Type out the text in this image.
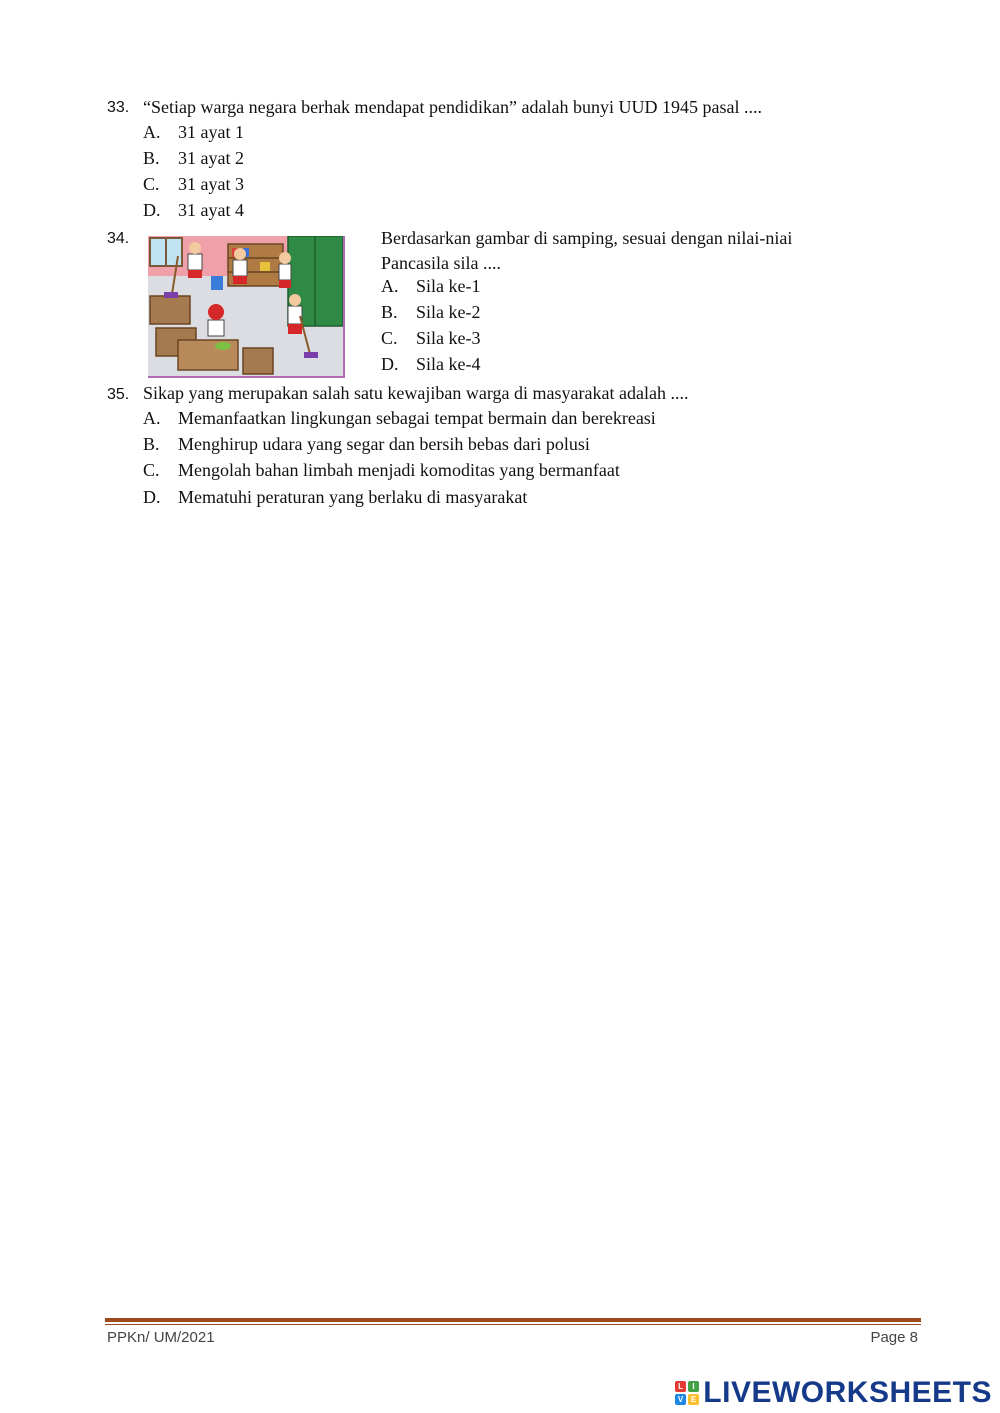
33. “Setiap warga negara berhak mendapat pendidikan” adalah bunyi UUD 1945 pasal ....
A. 31 ayat 1
B. 31 ayat 2
C. 31 ayat 3
D. 31 ayat 4
34.	Berdasarkan gambar di samping, sesuai dengan nilai-niai
Pancasila sila ....
A. Sila ke-1
B. Sila ke-2
C. Sila ke-3
D. Sila ke-4
35. Sikap yang merupakan salah satu kewajiban warga di masyarakat adalah ....
A. Memanfaatkan lingkungan sebagai tempat bermain dan berekreasi
B. Menghirup udara yang segar dan bersih bebas dari polusi
C. Mengolah bahan limbah menjadi komoditas yang bermanfaat
D. Mematuhi peraturan yang berlaku di masyarakat
PPKn/ UM/2021	Page 8
L	I
V E LIVEWORKSHEETS
